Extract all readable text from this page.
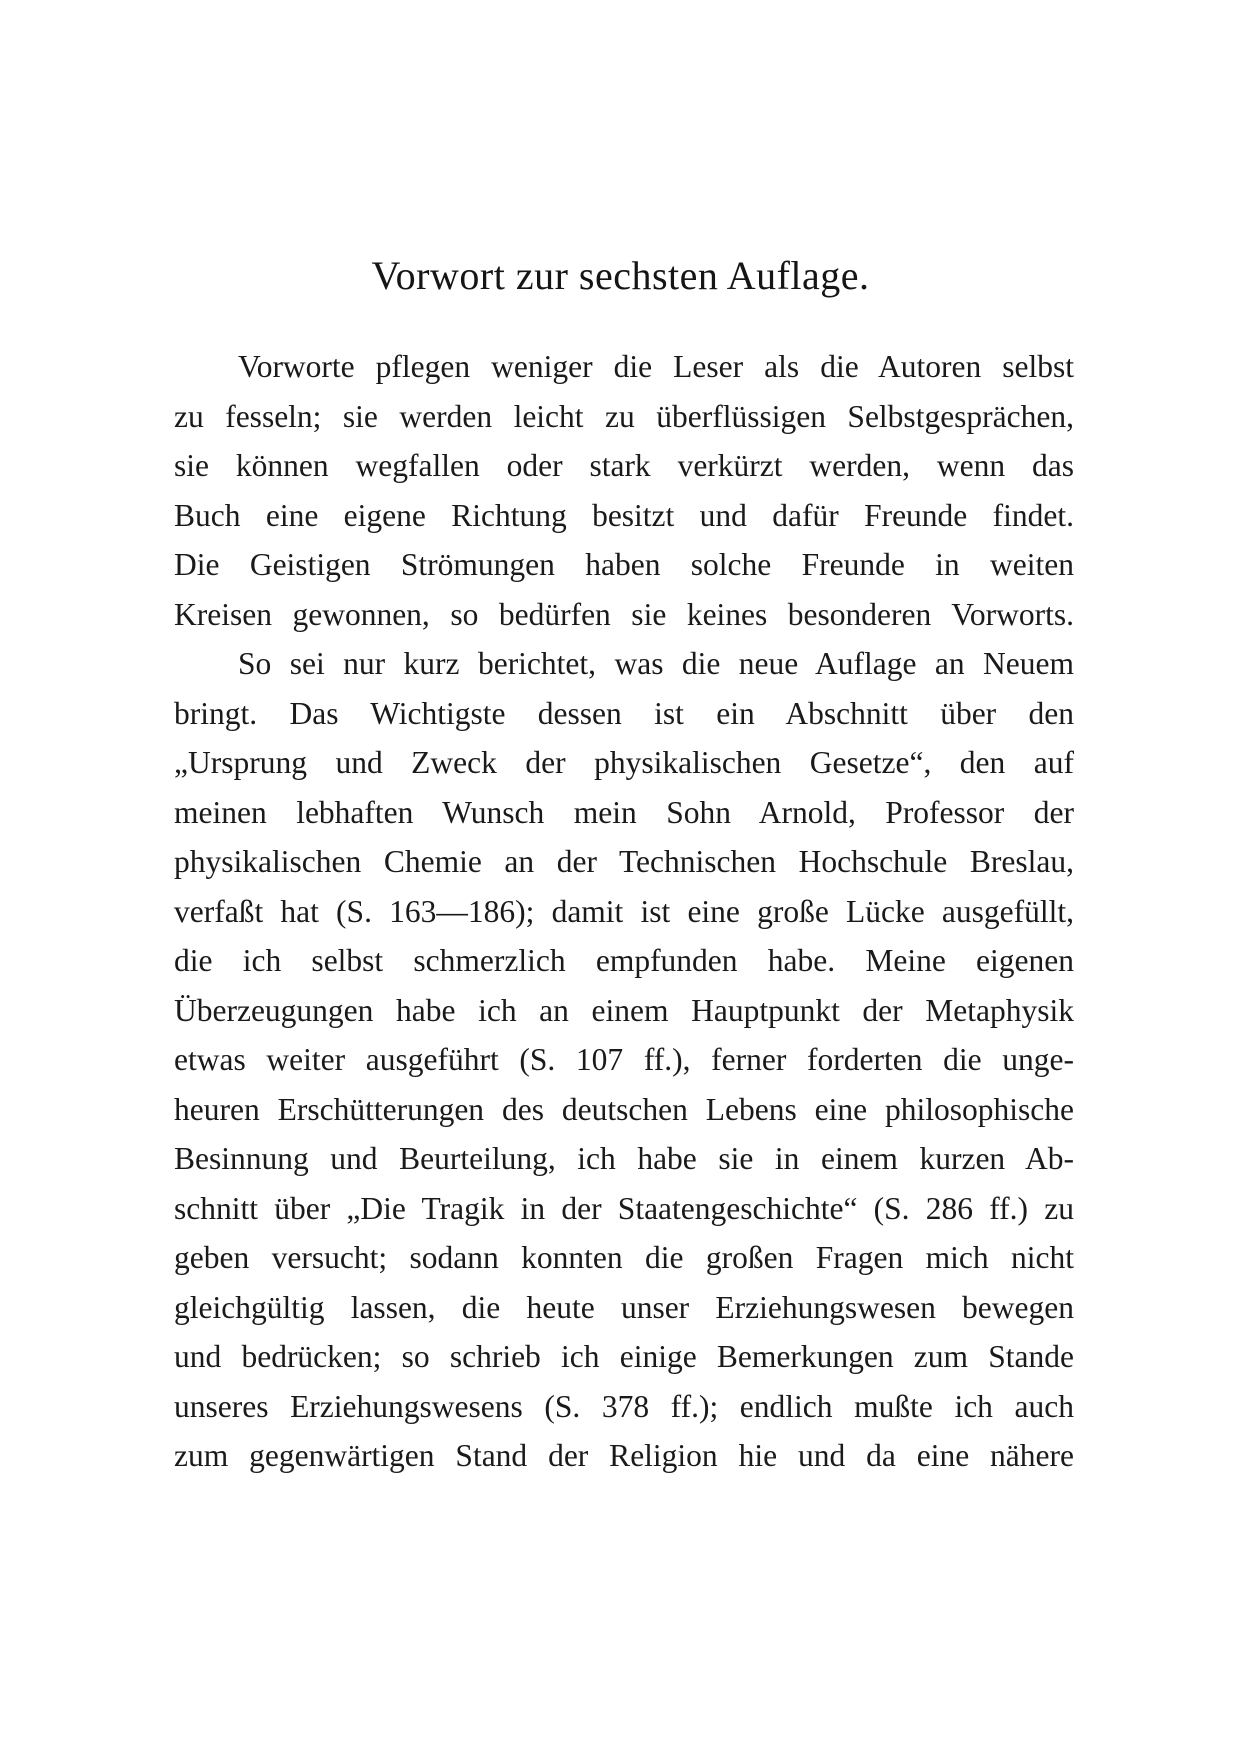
Vorwort zur sechsten Auflage.
Vorworte pflegen weniger die Leser als die Autoren selbst
zu fesseln; sie werden leicht zu überflüssigen Selbstgesprächen,
sie können wegfallen oder stark verkürzt werden, wenn das
Buch eine eigene Richtung besitzt und dafür Freunde findet.
Die Geistigen Strömungen haben solche Freunde in weiten
Kreisen gewonnen, so bedürfen sie keines besonderen Vorworts.
So sei nur kurz berichtet, was die neue Auflage an Neuem
bringt. Das Wichtigste dessen ist ein Abschnitt über den
„Ursprung und Zweck der physikalischen Gesetze“, den auf
meinen lebhaften Wunsch mein Sohn Arnold, Professor der
physikalischen Chemie an der Technischen Hochschule Breslau,
verfaßt hat (S. 163—186); damit ist eine große Lücke ausgefüllt,
die ich selbst schmerzlich empfunden habe. Meine eigenen
Überzeugungen habe ich an einem Hauptpunkt der Metaphysik
etwas weiter ausgeführt (S. 107 ff.), ferner forderten die unge-
heuren Erschütterungen des deutschen Lebens eine philosophische
Besinnung und Beurteilung, ich habe sie in einem kurzen Ab-
schnitt über „Die Tragik in der Staatengeschichte“ (S. 286 ff.) zu
geben versucht; sodann konnten die großen Fragen mich nicht
gleichgültig lassen, die heute unser Erziehungswesen bewegen
und bedrücken; so schrieb ich einige Bemerkungen zum Stande
unseres Erziehungswesens (S. 378 ff.); endlich mußte ich auch
zum gegenwärtigen Stand der Religion hie und da eine nähere
